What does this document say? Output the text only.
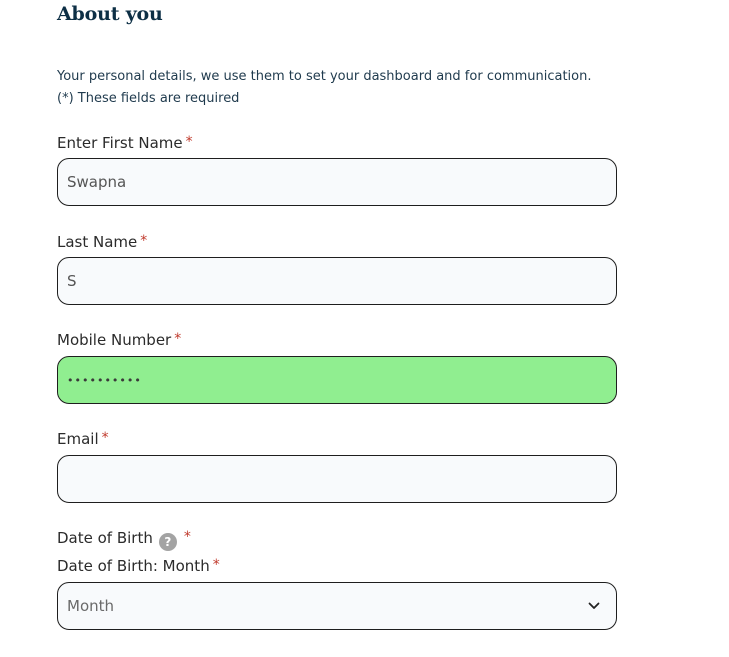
About you
Your personal details, we use them to set your dashboard and for communication.
(*) These fields are required
Enter First Name *
Swapna
Last Name *
S
Mobile Number *
••••••••••
Email *
Date of Birth ? *
Date of Birth: Month *
Month
